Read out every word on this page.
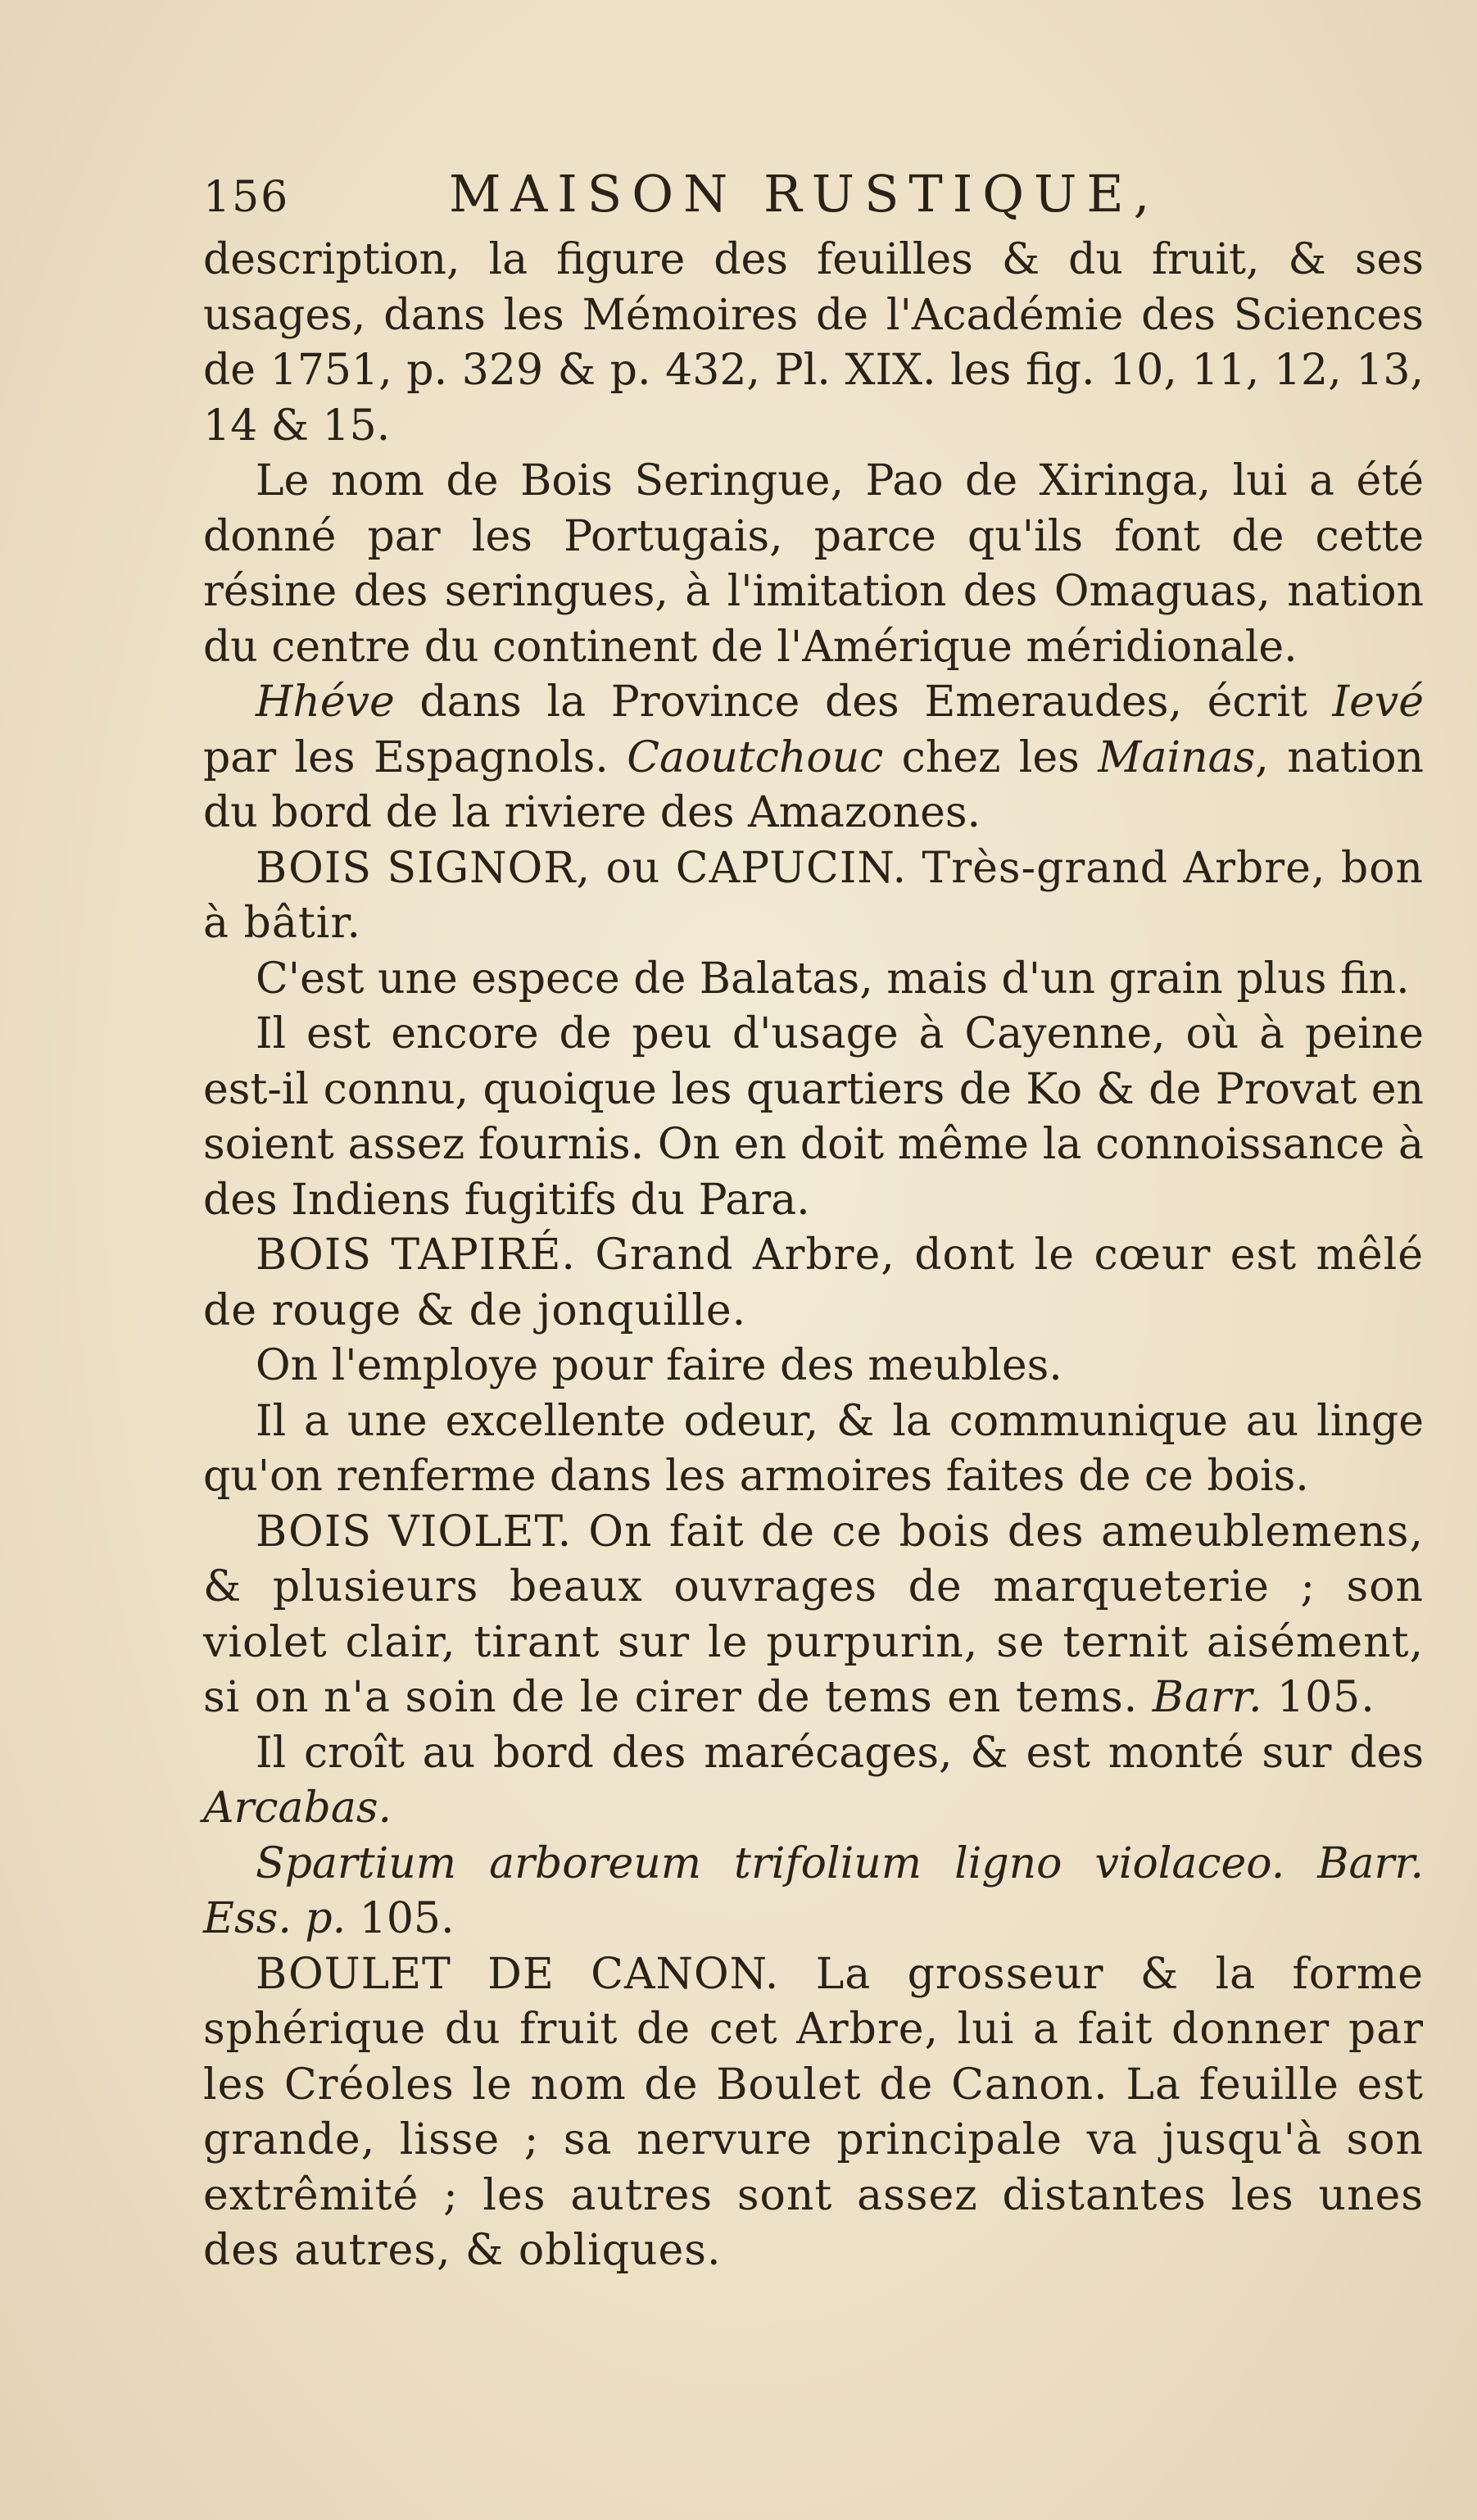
156	MAISON RUSTIQUE,

description, la figure des feuilles & du fruit, & ses usages, dans les Mémoires de l'Académie des Sciences de 1751, p. 329 & p. 432, Pl. XIX. les fig. 10, 11, 12, 13, 14 & 15.

Le nom de Bois Seringue, Pao de Xiringa, lui a été donné par les Portugais, parce qu'ils font de cette résine des seringues, à l'imitation des Omaguas, nation du centre du continent de l'Amérique méridionale.

Hhéve dans la Province des Emeraudes, écrit Ievé par les Espagnols. Caoutchouc chez les Mainas, nation du bord de la riviere des Amazones.

BOIS SIGNOR, ou CAPUCIN. Très-grand Arbre, bon à bâtir.

C'est une espece de Balatas, mais d'un grain plus fin.

Il est encore de peu d'usage à Cayenne, où à peine est-il connu, quoique les quartiers de Ko & de Provat en soient assez fournis. On en doit même la connoissance à des Indiens fugitifs du Para.

BOIS TAPIRÉ. Grand Arbre, dont le cœur est mêlé de rouge & de jonquille.

On l'employe pour faire des meubles.

Il a une excellente odeur, & la communique au linge qu'on renferme dans les armoires faites de ce bois.

BOIS VIOLET. On fait de ce bois des ameublemens, & plusieurs beaux ouvrages de marqueterie ; son violet clair, tirant sur le purpurin, se ternit aisément, si on n'a soin de le cirer de tems en tems. Barr. 105.

Il croît au bord des marécages, & est monté sur des Arcabas.

Spartium arboreum trifolium ligno violaceo. Barr. Ess. p. 105.

BOULET DE CANON. La grosseur & la forme sphérique du fruit de cet Arbre, lui a fait donner par les Créoles le nom de Boulet de Canon. La feuille est grande, lisse ; sa nervure principale va jusqu'à son extrêmité ; les autres sont assez distantes les unes des autres, & obliques.
